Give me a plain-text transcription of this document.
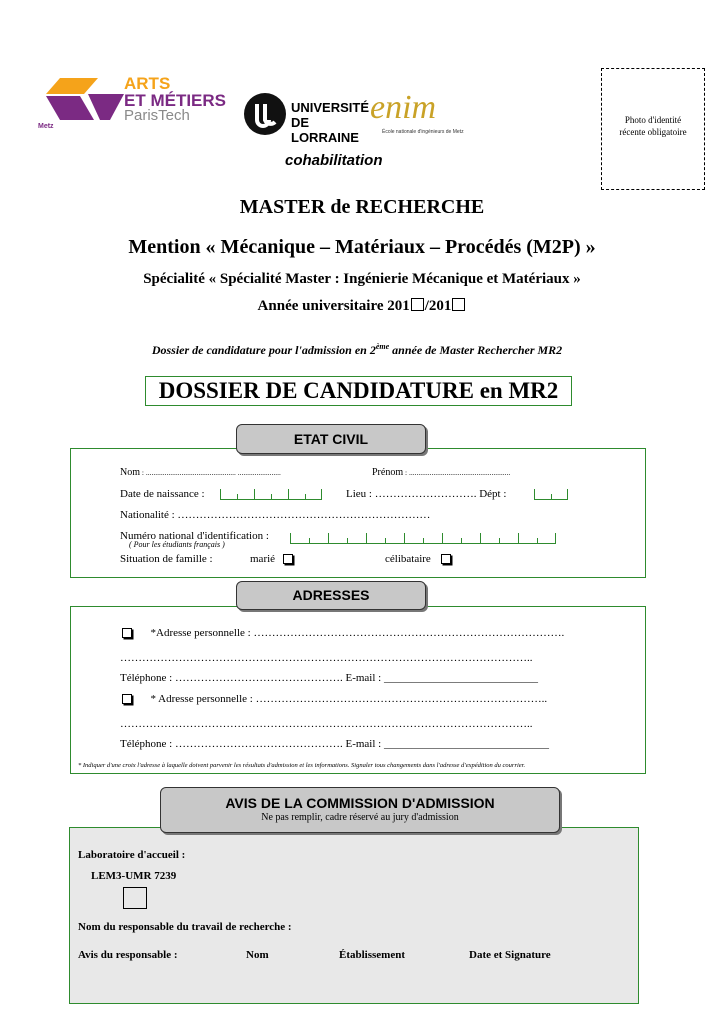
ARTS
ET MÉTIERS
ParisTech
Metz
UNIVERSITÉ
DE LORRAINE
enim
École nationale d'ingénieurs de Metz
cohabilitation
Photo d'identité
récente obligatoire
MASTER de RECHERCHE
Mention « Mécanique – Matériaux – Procédés (M2P) »
Spécialité « Spécialité Master : Ingénierie Mécanique et Matériaux »
Année universitaire 201 /201
Dossier de candidature pour l'admission en 2ème année de Master Rechercher MR2
DOSSIER DE CANDIDATURE en MR2
ETAT CIVIL
Nom : ................................................ .......................	Prénom : ......................................................
Date de naissance :	Lieu : ………………………. Dépt :
Nationalité : ……………………………………………………………
Numéro national d'identification :
( Pour les étudiants français )
Situation de famille :	marié	célibataire
ADRESSES
*Adresse personnelle : ………………………………………………………………………….
…………………………………………………………………………………………………..
Téléphone : ………………………………………. E-mail : ____________________________
* Adresse personnelle : ……………………………………………………………………..
…………………………………………………………………………………………………..
Téléphone : ………………………………………. E-mail : ______________________________
* Indiquer d'une croix l'adresse à laquelle doivent parvenir les résultats d'admission et les informations. Signaler tous changements dans l'adresse d'expédition du courrier.
AVIS DE LA COMMISSION D'ADMISSION
Ne pas remplir, cadre réservé au jury d'admission
Laboratoire d'accueil :
LEM3-UMR 7239
Nom du responsable du travail de recherche :
Avis du responsable :	Nom	Établissement	Date et Signature
